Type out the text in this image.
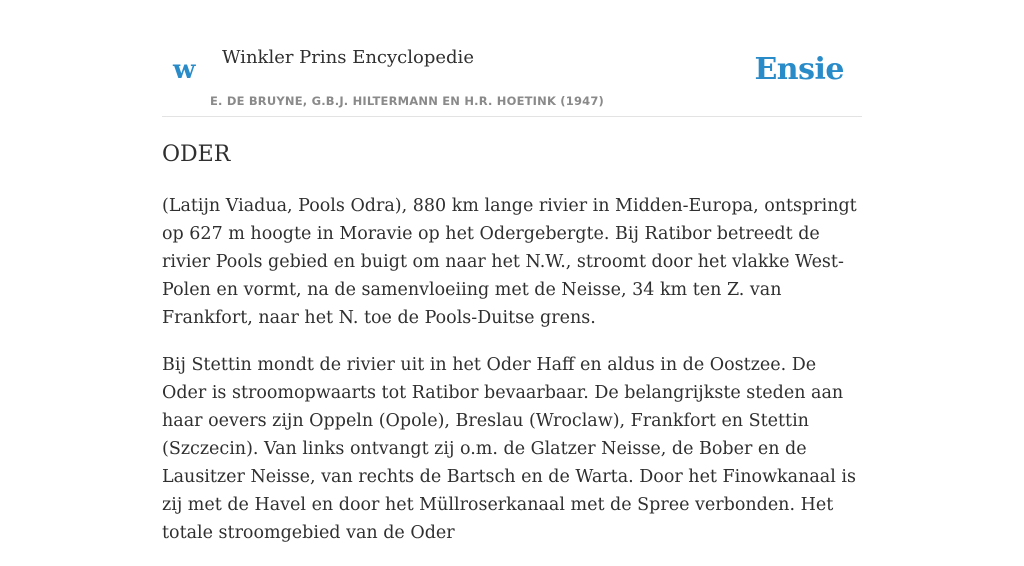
w Winkler Prins Encyclopedie
E. DE BRUYNE, G.B.J. HILTERMANN EN H.R. HOETINK (1947)
Ensie
ODER

(Latijn Viadua, Pools Odra), 880 km lange rivier in Midden-Europa, ontspringt op 627 m hoogte in Moravie op het Odergebergte. Bij Ratibor betreedt de rivier Pools gebied en buigt om naar het N.W., stroomt door het vlakke West-Polen en vormt, na de samenvloeiing met de Neisse, 34 km ten Z. van Frankfort, naar het N. toe de Pools-Duitse grens.

Bij Stettin mondt de rivier uit in het Oder Haff en aldus in de Oostzee. De Oder is stroomopwaarts tot Ratibor bevaarbaar. De belangrijkste steden aan haar oevers zijn Oppeln (Opole), Breslau (Wroclaw), Frankfort en Stettin (Szczecin). Van links ontvangt zij o.m. de Glatzer Neisse, de Bober en de Lausitzer Neisse, van rechts de Bartsch en de Warta. Door het Finowkanaal is zij met de Havel en door het Müllroserkanaal met de Spree verbonden. Het totale stroomgebied van de Oder
